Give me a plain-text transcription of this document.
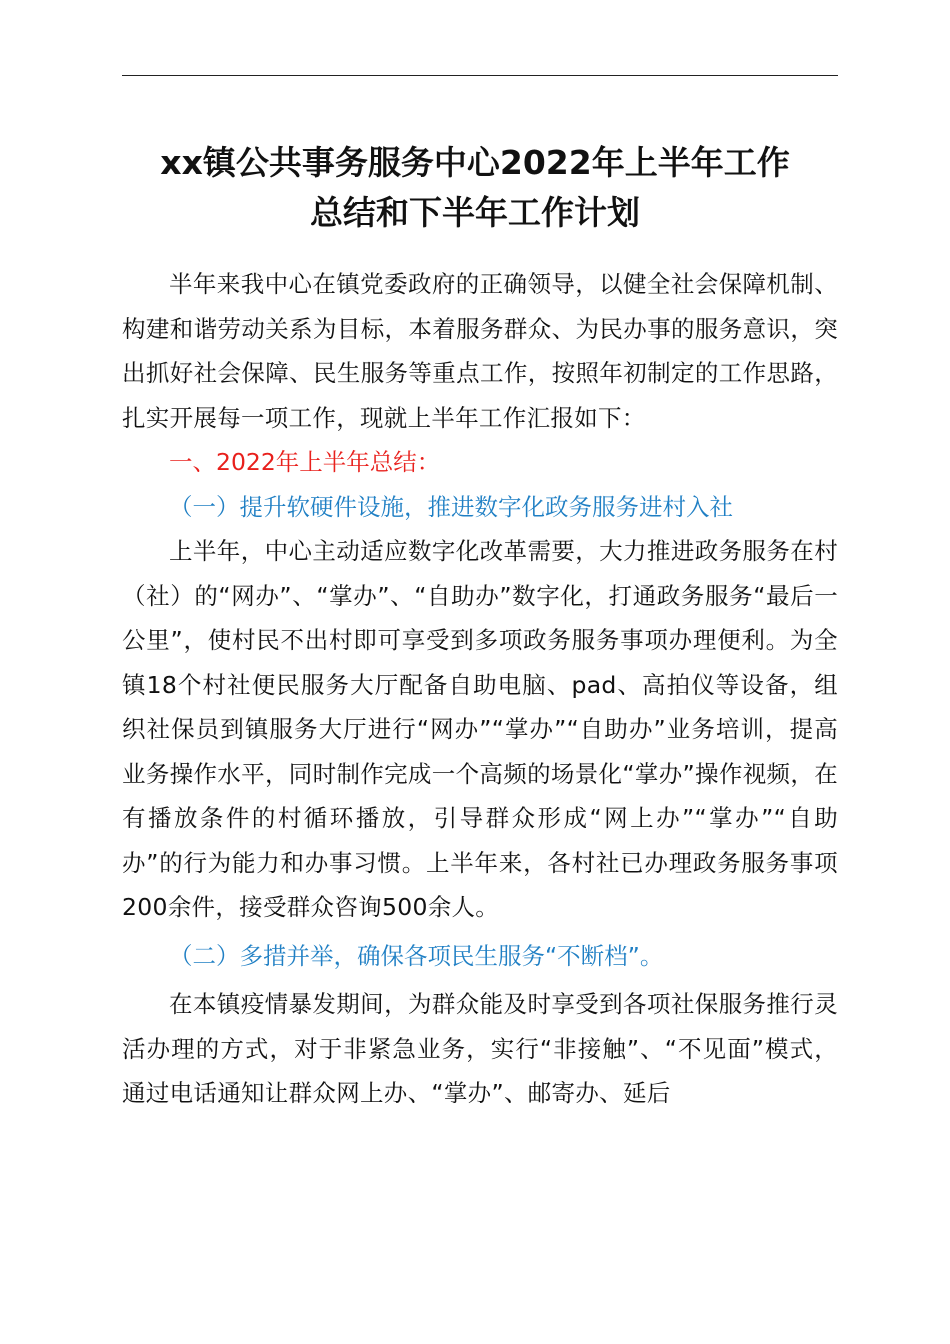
xx镇公共事务服务中心2022年上半年工作
总结和下半年工作计划

半年来我中心在镇党委政府的正确领导，以健全社会保障机制、构建和谐劳动关系为目标，本着服务群众、为民办事的服务意识，突出抓好社会保障、民生服务等重点工作，按照年初制定的工作思路，扎实开展每一项工作，现就上半年工作汇报如下：

一、2022年上半年总结：

（一）提升软硬件设施，推进数字化政务服务进村入社

上半年，中心主动适应数字化改革需要，大力推进政务服务在村（社）的“网办”、“掌办”、“自助办”数字化，打通政务服务“最后一公里”，使村民不出村即可享受到多项政务服务事项办理便利。为全镇18个村社便民服务大厅配备自助电脑、pad、高拍仪等设备，组织社保员到镇服务大厅进行“网办”“掌办”“自助办”业务培训，提高业务操作水平，同时制作完成一个高频的场景化“掌办”操作视频，在有播放条件的村循环播放，引导群众形成“网上办”“掌办”“自助办”的行为能力和办事习惯。上半年来，各村社已办理政务服务事项200余件，接受群众咨询500余人。

（二）多措并举，确保各项民生服务“不断档”。

在本镇疫情暴发期间，为群众能及时享受到各项社保服务推行灵活办理的方式，对于非紧急业务，实行“非接触”、“不见面”模式，通过电话通知让群众网上办、“掌办”、邮寄办、延后
